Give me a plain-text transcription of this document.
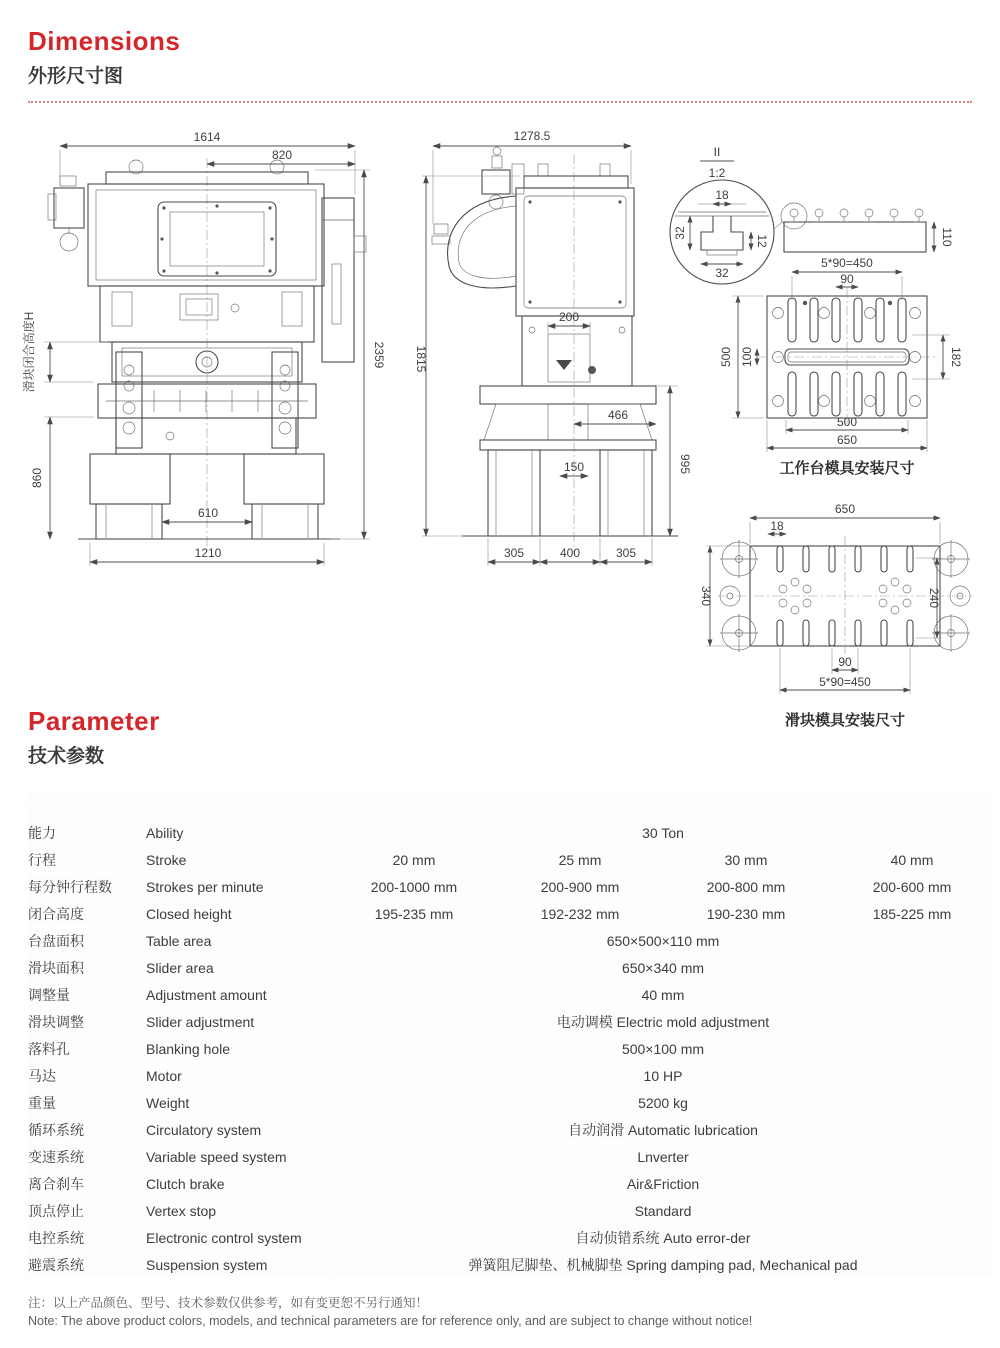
Dimensions
外形尺寸图
1614
820
2359
滑块闭合高度H
860
610
1210
1278.5
1815
200
995
466
150
305	400	305
II
1:2
18
32
12
32
110
5*90=450
90
500 100	182
500
650
工作台模具安装尺寸
650
18
340	240
90
5*90=450
滑块模具安装尺寸
Parameter
技术参数
机型 Model	HY-30T			
能力 Ability	30 Ton			
行程 Stroke	20 mm	25 mm	30 mm	40 mm
每分钟行程数 Strokes per minute	200-1000 mm	200-900 mm	200-800 mm	200-600 mm
闭合高度 Closed height	195-235 mm	192-232 mm	190-230 mm	185-225 mm
台盘面积 Table area	650×500×110 mm			
滑块面积 Slider area	650×340 mm			
调整量 Adjustment amount	40 mm			
滑块调整 Slider adjustment	电动调模 Electric mold adjustment			
落料孔 Blanking hole	500×100 mm			
马达 Motor	10 HP			
重量 Weight	5200 kg			
循环系统 Circulatory system	自动润滑 Automatic lubrication			
变速系统 Variable speed system	Lnverter			
离合刹车 Clutch brake	Air&Friction			
顶点停止 Vertex stop	Standard			
电控系统 Electronic control system	自动侦错系统 Auto error-der			
避震系统 Suspension system	弹簧阻尼脚垫、机械脚垫 Spring damping pad, Mechanical pad			
注：以上产品颜色、型号、技术参数仅供参考，如有变更恕不另行通知！
Note: The above product colors, models, and technical parameters are for reference only, and are subject to change without notice!
